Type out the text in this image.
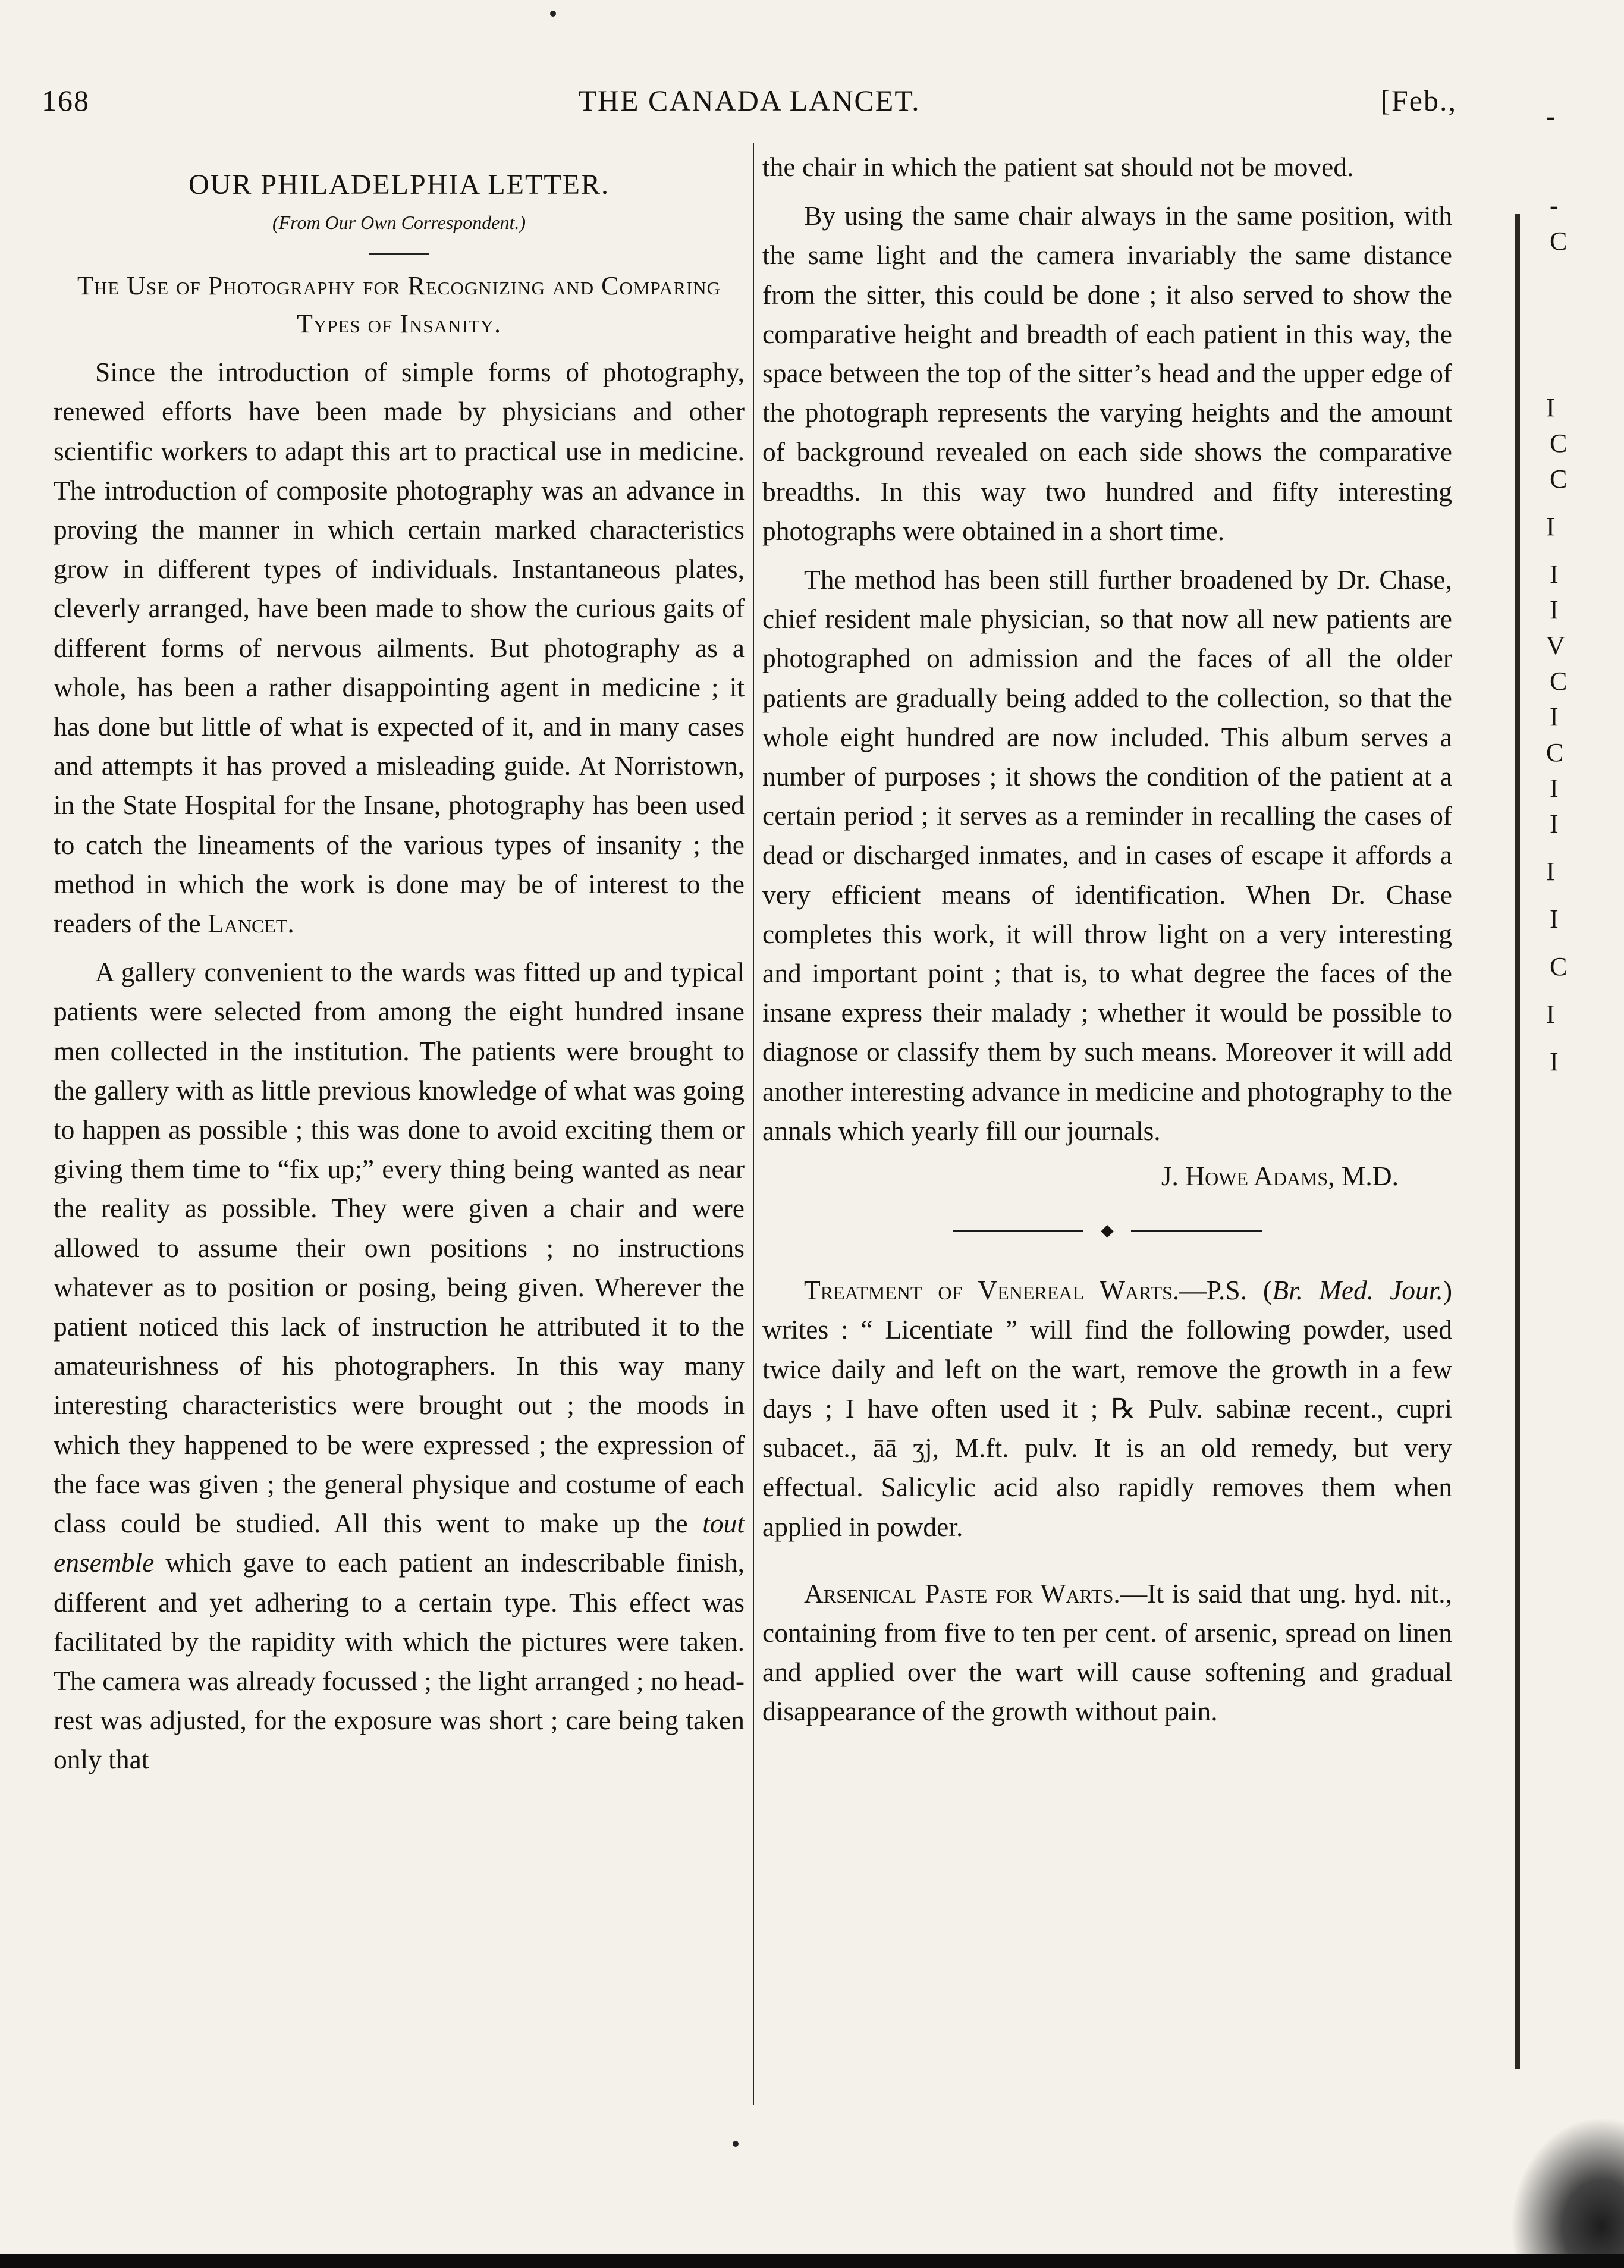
168	THE CANADA LANCET.	[Feb.,

OUR PHILADELPHIA LETTER.

(From Our Own Correspondent.)

The Use of Photography for Recognizing and Comparing Types of Insanity.

Since the introduction of simple forms of photography, renewed efforts have been made by physicians and other scientific workers to adapt this art to practical use in medicine. The introduction of composite photography was an advance in proving the manner in which certain marked characteristics grow in different types of individuals. Instantaneous plates, cleverly arranged, have been made to show the curious gaits of different forms of nervous ailments. But photography as a whole, has been a rather disappointing agent in medicine ; it has done but little of what is expected of it, and in many cases and attempts it has proved a misleading guide. At Norristown, in the State Hospital for the Insane, photography has been used to catch the lineaments of the various types of insanity ; the method in which the work is done may be of interest to the readers of the Lancet.

A gallery convenient to the wards was fitted up and typical patients were selected from among the eight hundred insane men collected in the institution. The patients were brought to the gallery with as little previous knowledge of what was going to happen as possible ; this was done to avoid exciting them or giving them time to “fix up;” every thing being wanted as near the reality as possible. They were given a chair and were allowed to assume their own positions ; no instructions whatever as to position or posing, being given. Wherever the patient noticed this lack of instruction he attributed it to the amateurishness of his photographers. In this way many interesting characteristics were brought out ; the moods in which they happened to be were expressed ; the expression of the face was given ; the general physique and costume of each class could be studied. All this went to make up the tout ensemble which gave to each patient an indescribable finish, different and yet adhering to a certain type. This effect was facilitated by the rapidity with which the pictures were taken. The camera was already focussed ; the light arranged ; no head-rest was adjusted, for the exposure was short ; care being taken only that

the chair in which the patient sat should not be moved.

By using the same chair always in the same position, with the same light and the camera invariably the same distance from the sitter, this could be done ; it also served to show the comparative height and breadth of each patient in this way, the space between the top of the sitter’s head and the upper edge of the photograph represents the varying heights and the amount of background revealed on each side shows the comparative breadths. In this way two hundred and fifty interesting photographs were obtained in a short time.

The method has been still further broadened by Dr. Chase, chief resident male physician, so that now all new patients are photographed on admission and the faces of all the older patients are gradually being added to the collection, so that the whole eight hundred are now included. This album serves a number of purposes ; it shows the condition of the patient at a certain period ; it serves as a reminder in recalling the cases of dead or discharged inmates, and in cases of escape it affords a very efficient means of identification. When Dr. Chase completes this work, it will throw light on a very interesting and important point ; that is, to what degree the faces of the insane express their malady ; whether it would be possible to diagnose or classify them by such means. Moreover it will add another interesting advance in medicine and photography to the annals which yearly fill our journals.

J. Howe Adams, M.D.

◆

Treatment of Venereal Warts.—P.S. (Br. Med. Jour.) writes : “ Licentiate ” will find the following powder, used twice daily and left on the wart, remove the growth in a few days ; I have often used it ; ℞ Pulv. sabinæ recent., cupri subacet., āā ʒj, M.ft. pulv. It is an old remedy, but very effectual. Salicylic acid also rapidly removes them when applied in powder.

Arsenical Paste for Warts.—It is said that ung. hyd. nit., containing from five to ten per cent. of arsenic, spread on linen and applied over the wart will cause softening and gradual disappearance of the growth without pain.

-
-
C
I
C
C
I
I
I
V
C
I
C
I
I
I
I
C
I
I
